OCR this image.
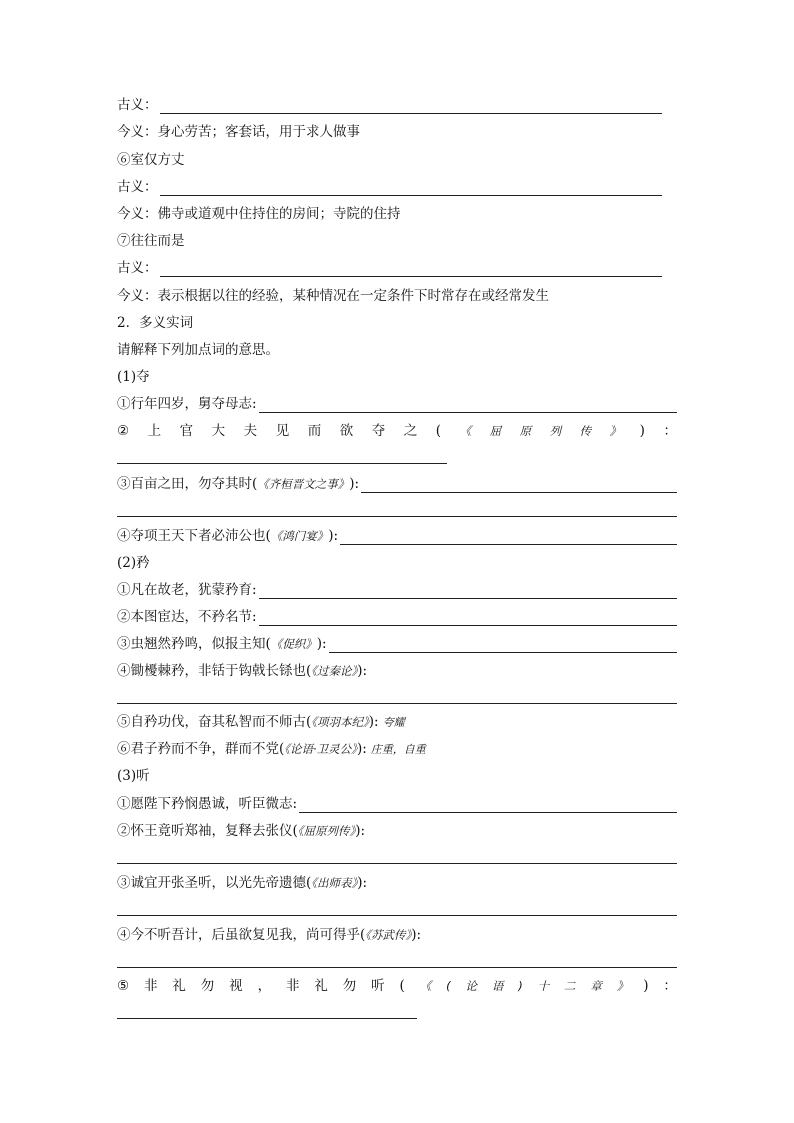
古义：
今义：身心劳苦；客套话，用于求人做事
⑥室仅方丈
古义：
今义：佛寺或道观中住持住的房间；寺院的住持
⑦往往而是
古义：
今义：表示根据以往的经验，某种情况在一定条件下时常存在或经常发生
2．多义实词
请解释下列加点词的意思。
(1)夺
①行年四岁，舅夺母志:
② 上 官 大 夫 见 而 欲 夺 之 ( 《 屈 原 列 传 》 ) ：
③百亩之田，勿夺其时( 《齐桓晋文之事》 ):
④夺项王天下者必沛公也( 《鸿门宴》 ):
(2)矜
①凡在故老，犹蒙矜育:
②本图宦达，不矜名节:
③虫翘然矜鸣，似报主知( 《促织》 ):
④锄櫌棘矜，非铦于钩戟长铩也(《过秦论》):
⑤自矜功伐，奋其私智而不师古(《项羽本纪》): 夸耀
⑥君子矜而不争，群而不党(《论语·卫灵公》): 庄重，自重
(3)听
①愿陛下矜悯愚诚，听臣微志:
②怀王竟听郑袖，复释去张仪(《屈原列传》):
③诚宜开张圣听，以光先帝遗德(《出师表》):
④今不听吾计，后虽欲复见我，尚可得乎(《苏武传》):
⑤ 非 礼 勿 视 ， 非 礼 勿 听 ( 《 ( 论 语 ) 十 二 章 》 ) ：
